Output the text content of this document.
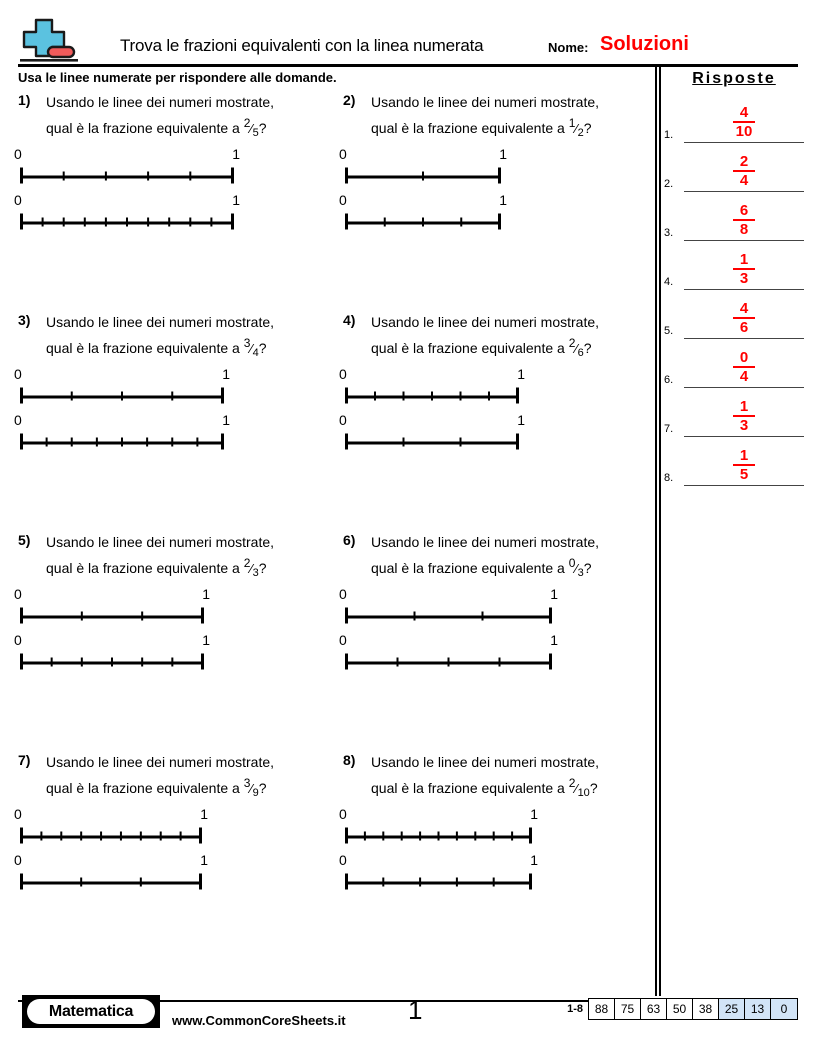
Trova le frazioni equivalenti con la linea numerata	Nome: Soluzioni
Usa le linee numerate per rispondere alle domande.	Risposte
1.
4
10
2.
2
4
3.
6
8
4.
1
3
5.
4
6
6.
0
4
7.
1
3
8.
1
5
1) Usando le linee dei numeri mostrate,
qual è la frazione equivalente a $2⁄_5$?
0	1
0	1
2) Usando le linee dei numeri mostrate,
qual è la frazione equivalente a $1⁄_2$?
0	1
0	1
3) Usando le linee dei numeri mostrate,
qual è la frazione equivalente a $3⁄_4$?
0	1
0	1
4) Usando le linee dei numeri mostrate,
qual è la frazione equivalente a $2⁄_6$?
0	1
0	1
5) Usando le linee dei numeri mostrate,
qual è la frazione equivalente a $2⁄_3$?
0	1
0	1
6) Usando le linee dei numeri mostrate,
qual è la frazione equivalente a $0⁄_3$?
0	1
0	1
7) Usando le linee dei numeri mostrate,
qual è la frazione equivalente a $3⁄_9$?
0	1
0	1
8) Usando le linee dei numeri mostrate,
qual è la frazione equivalente a $2⁄_{10}$?
0	1
0	1
Matematica
www.CommonCoreSheets.it 1	1-8 88	75	63	50	38	25	13	0
